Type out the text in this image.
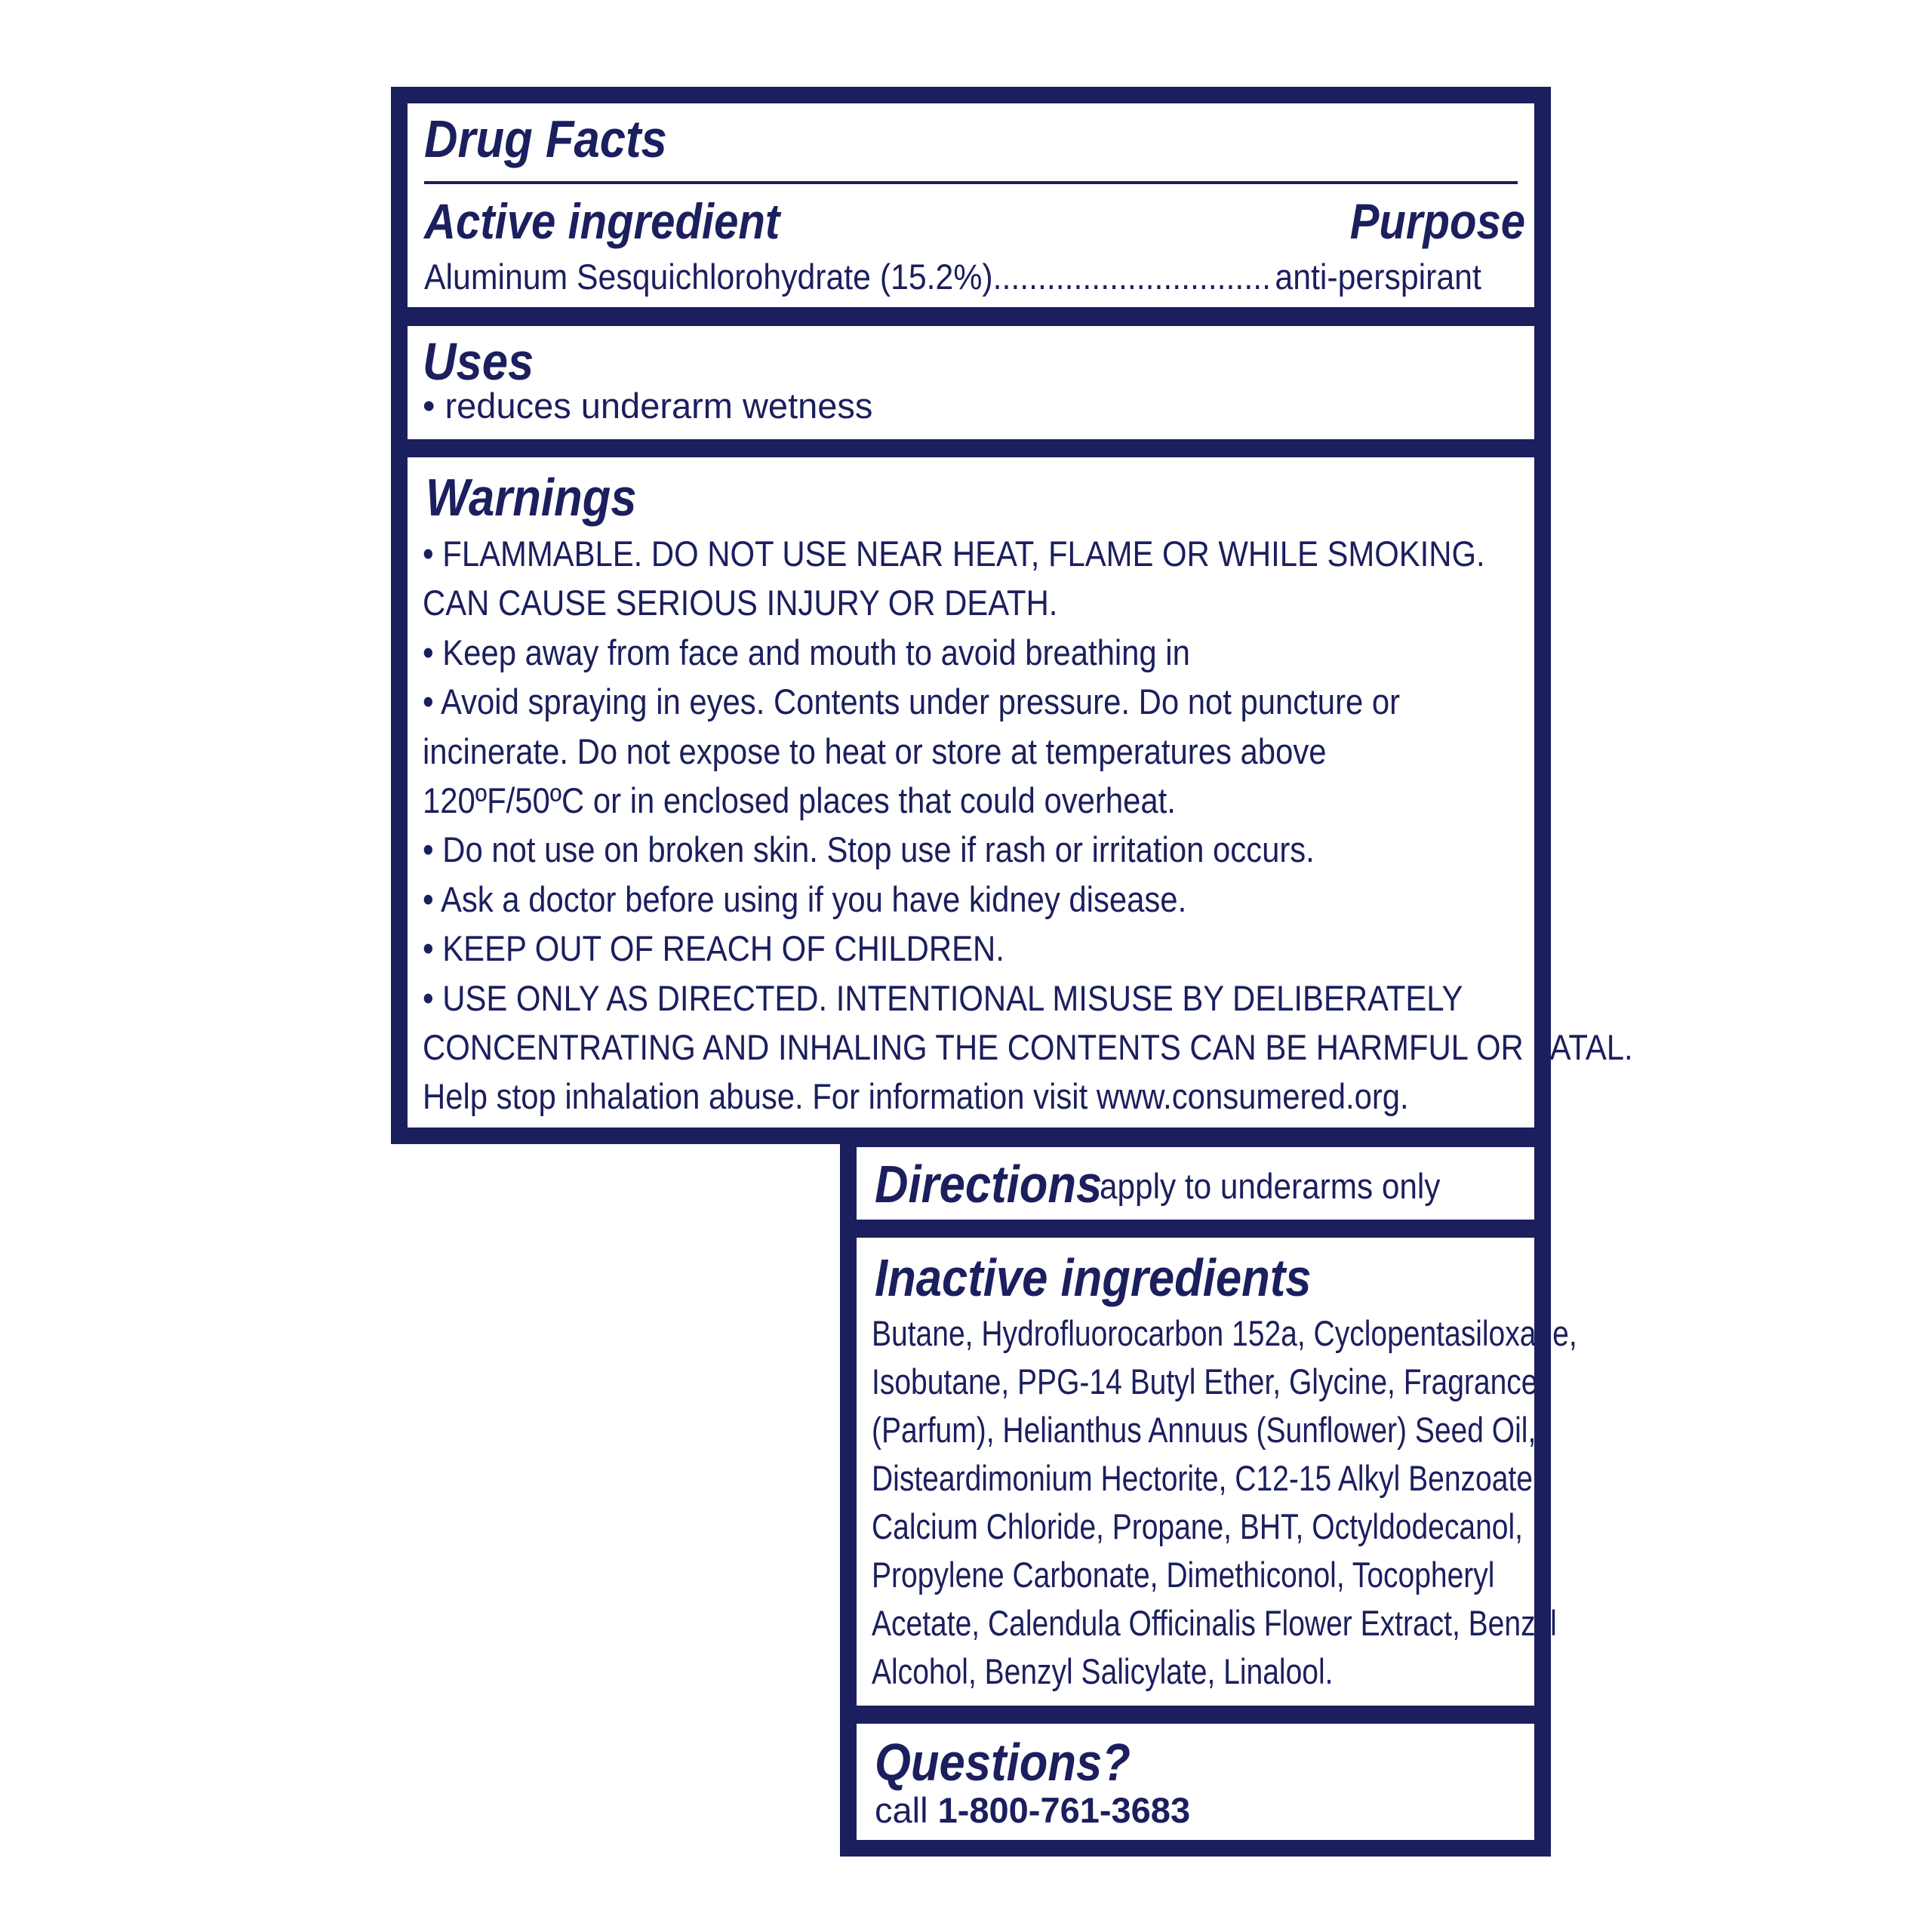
Drug Facts
Active ingredient	Purpose
Aluminum Sesquichlorohydrate (15.2%)............................... anti-perspirant
Uses
• reduces underarm wetness
Warnings
• FLAMMABLE. DO NOT USE NEAR HEAT, FLAME OR WHILE SMOKING.
CAN CAUSE SERIOUS INJURY OR DEATH.
• Keep away from face and mouth to avoid breathing in
• Avoid spraying in eyes. Contents under pressure. Do not puncture or
incinerate. Do not expose to heat or store at temperatures above
120ºF/50ºC or in enclosed places that could overheat.
• Do not use on broken skin. Stop use if rash or irritation occurs.
• Ask a doctor before using if you have kidney disease.
• KEEP OUT OF REACH OF CHILDREN.
• USE ONLY AS DIRECTED. INTENTIONAL MISUSE BY DELIBERATELY
CONCENTRATING AND INHALING THE CONTENTS CAN BE HARMFUL OR FATAL.
Help stop inhalation abuse. For information visit www.consumered.org.
Directions
apply to underarms only
Inactive ingredients
Butane, Hydrofluorocarbon 152a, Cyclopentasiloxane,
Isobutane, PPG-14 Butyl Ether, Glycine, Fragrance
(Parfum), Helianthus Annuus (Sunflower) Seed Oil,
Disteardimonium Hectorite, C12-15 Alkyl Benzoate,
Calcium Chloride, Propane, BHT, Octyldodecanol,
Propylene Carbonate, Dimethiconol, Tocopheryl
Acetate, Calendula Officinalis Flower Extract, Benzyl
Alcohol, Benzyl Salicylate, Linalool.
Questions?
call 1-800-761-3683
